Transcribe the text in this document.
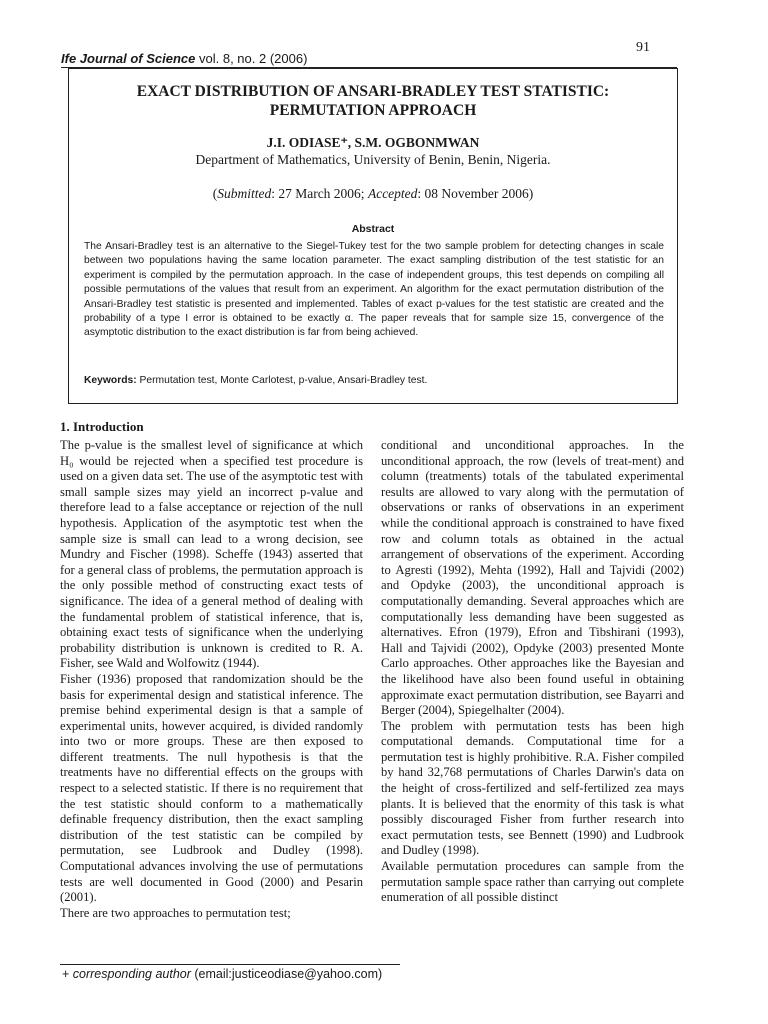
91
Ife Journal of Science vol. 8, no. 2 (2006)
EXACT DISTRIBUTION OF ANSARI-BRADLEY TEST STATISTIC:
PERMUTATION APPROACH
J.I. ODIASE⁺, S.M. OGBONMWAN
Department of Mathematics, University of Benin, Benin, Nigeria.
(Submitted: 27 March 2006; Accepted: 08 November 2006)
Abstract
The Ansari-Bradley test is an alternative to the Siegel-Tukey test for the two sample problem for detecting changes in scale between two populations having the same location parameter. The exact sampling distribution of the test statistic for an experiment is compiled by the permutation approach. In the case of independent groups, this test depends on compiling all possible permutations of the values that result from an experiment. An algorithm for the exact permutation distribution of the Ansari-Bradley test statistic is presented and implemented. Tables of exact p-values for the test statistic are created and the probability of a type I error is obtained to be exactly α. The paper reveals that for sample size 15, convergence of the asymptotic distribution to the exact distribution is far from being achieved.
Keywords: Permutation test, Monte Carlotest, p-value, Ansari-Bradley test.
1. Introduction

The p-value is the smallest level of significance at which H₀ would be rejected when a specified test procedure is used on a given data set. The use of the asymptotic test with small sample sizes may yield an incorrect p-value and therefore lead to a false acceptance or rejection of the null hypothesis. Application of the asymptotic test when the sample size is small can lead to a wrong decision, see Mundry and Fischer (1998). Scheffe (1943) asserted that for a general class of problems, the permutation approach is the only possible method of constructing exact tests of significance. The idea of a general method of dealing with the fundamental problem of statistical inference, that is, obtaining exact tests of significance when the underlying probability distribution is unknown is credited to R. A. Fisher, see Wald and Wolfowitz (1944).

Fisher (1936) proposed that randomization should be the basis for experimental design and statistical inference. The premise behind experimental design is that a sample of experimental units, however acquired, is divided randomly into two or more groups. These are then exposed to different treatments. The null hypothesis is that the treatments have no differential effects on the groups with respect to a selected statistic. If there is no requirement that the test statistic should conform to a mathematically definable frequency distribution, then the exact sampling distribution of the test statistic can be compiled by permutation, see Ludbrook and Dudley (1998). Computational advances involving the use of permutations tests are well documented in Good (2000) and Pesarin (2001).

There are two approaches to permutation test;

conditional and unconditional approaches. In the unconditional approach, the row (levels of treat-ment) and column (treatments) totals of the tabulated experimental results are allowed to vary along with the permutation of observations or ranks of observations in an experiment while the conditional approach is constrained to have fixed row and column totals as obtained in the actual arrangement of observations of the experiment. According to Agresti (1992), Mehta (1992), Hall and Tajvidi (2002) and Opdyke (2003), the unconditional approach is computationally demanding. Several approaches which are computationally less demanding have been suggested as alternatives. Efron (1979), Efron and Tibshirani (1993), Hall and Tajvidi (2002), Opdyke (2003) presented Monte Carlo approaches. Other approaches like the Bayesian and the likelihood have also been found useful in obtaining approximate exact permutation distribution, see Bayarri and Berger (2004), Spiegelhalter (2004).

The problem with permutation tests has been high computational demands. Computational time for a permutation test is highly prohibitive. R.A. Fisher compiled by hand 32,768 permutations of Charles Darwin's data on the height of cross-fertilized and self-fertilized zea mays plants. It is believed that the enormity of this task is what possibly discouraged Fisher from further research into exact permutation tests, see Bennett (1990) and Ludbrook and Dudley (1998).

Available permutation procedures can sample from the permutation sample space rather than carrying out complete enumeration of all possible distinct

+ corresponding author (email:justiceodiase@yahoo.com)
